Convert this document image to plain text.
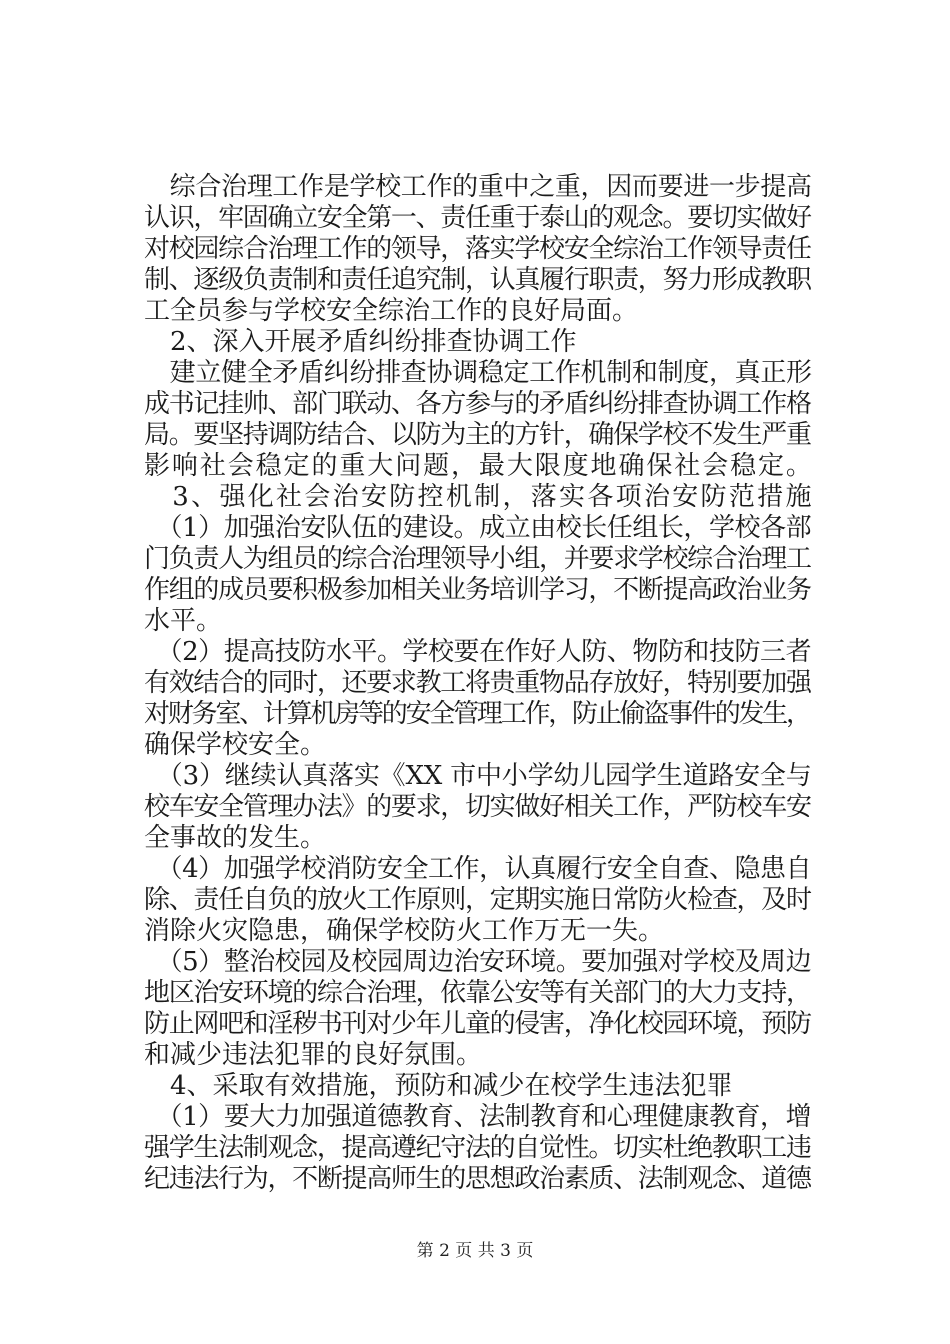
　综合治理工作是学校工作的重中之重，因而要进一步提高
认识，牢固确立安全第一、责任重于泰山的观念。要切实做好
对校园综合治理工作的领导，落实学校安全综治工作领导责任
制、逐级负责制和责任追究制，认真履行职责，努力形成教职
工全员参与学校安全综治工作的良好局面。
　2、深入开展矛盾纠纷排查协调工作
　建立健全矛盾纠纷排查协调稳定工作机制和制度，真正形
成书记挂帅、部门联动、各方参与的矛盾纠纷排查协调工作格
局。要坚持调防结合、以防为主的方针，确保学校不发生严重
影响社会稳定的重大问题，最大限度地确保社会稳定。
　3、强化社会治安防控机制，落实各项治安防范措施
　（1）加强治安队伍的建设。成立由校长任组长，学校各部
门负责人为组员的综合治理领导小组，并要求学校综合治理工
作组的成员要积极参加相关业务培训学习，不断提高政治业务
水平。
　（2）提高技防水平。学校要在作好人防、物防和技防三者
有效结合的同时，还要求教工将贵重物品存放好，特别要加强
对财务室、计算机房等的安全管理工作，防止偷盗事件的发生，
确保学校安全。
　（3）继续认真落实《XX 市中小学幼儿园学生道路安全与
校车安全管理办法》的要求，切实做好相关工作，严防校车安
全事故的发生。
　（4）加强学校消防安全工作，认真履行安全自查、隐患自
除、责任自负的放火工作原则，定期实施日常防火检查，及时
消除火灾隐患，确保学校防火工作万无一失。
　（5）整治校园及校园周边治安环境。要加强对学校及周边
地区治安环境的综合治理，依靠公安等有关部门的大力支持，
防止网吧和淫秽书刊对少年儿童的侵害，净化校园环境，预防
和减少违法犯罪的良好氛围。
　4、采取有效措施，预防和减少在校学生违法犯罪
　（1）要大力加强道德教育、法制教育和心理健康教育，增
强学生法制观念，提高遵纪守法的自觉性。切实杜绝教职工违
纪违法行为，不断提高师生的思想政治素质、法制观念、道德
第 2 页 共 3 页
